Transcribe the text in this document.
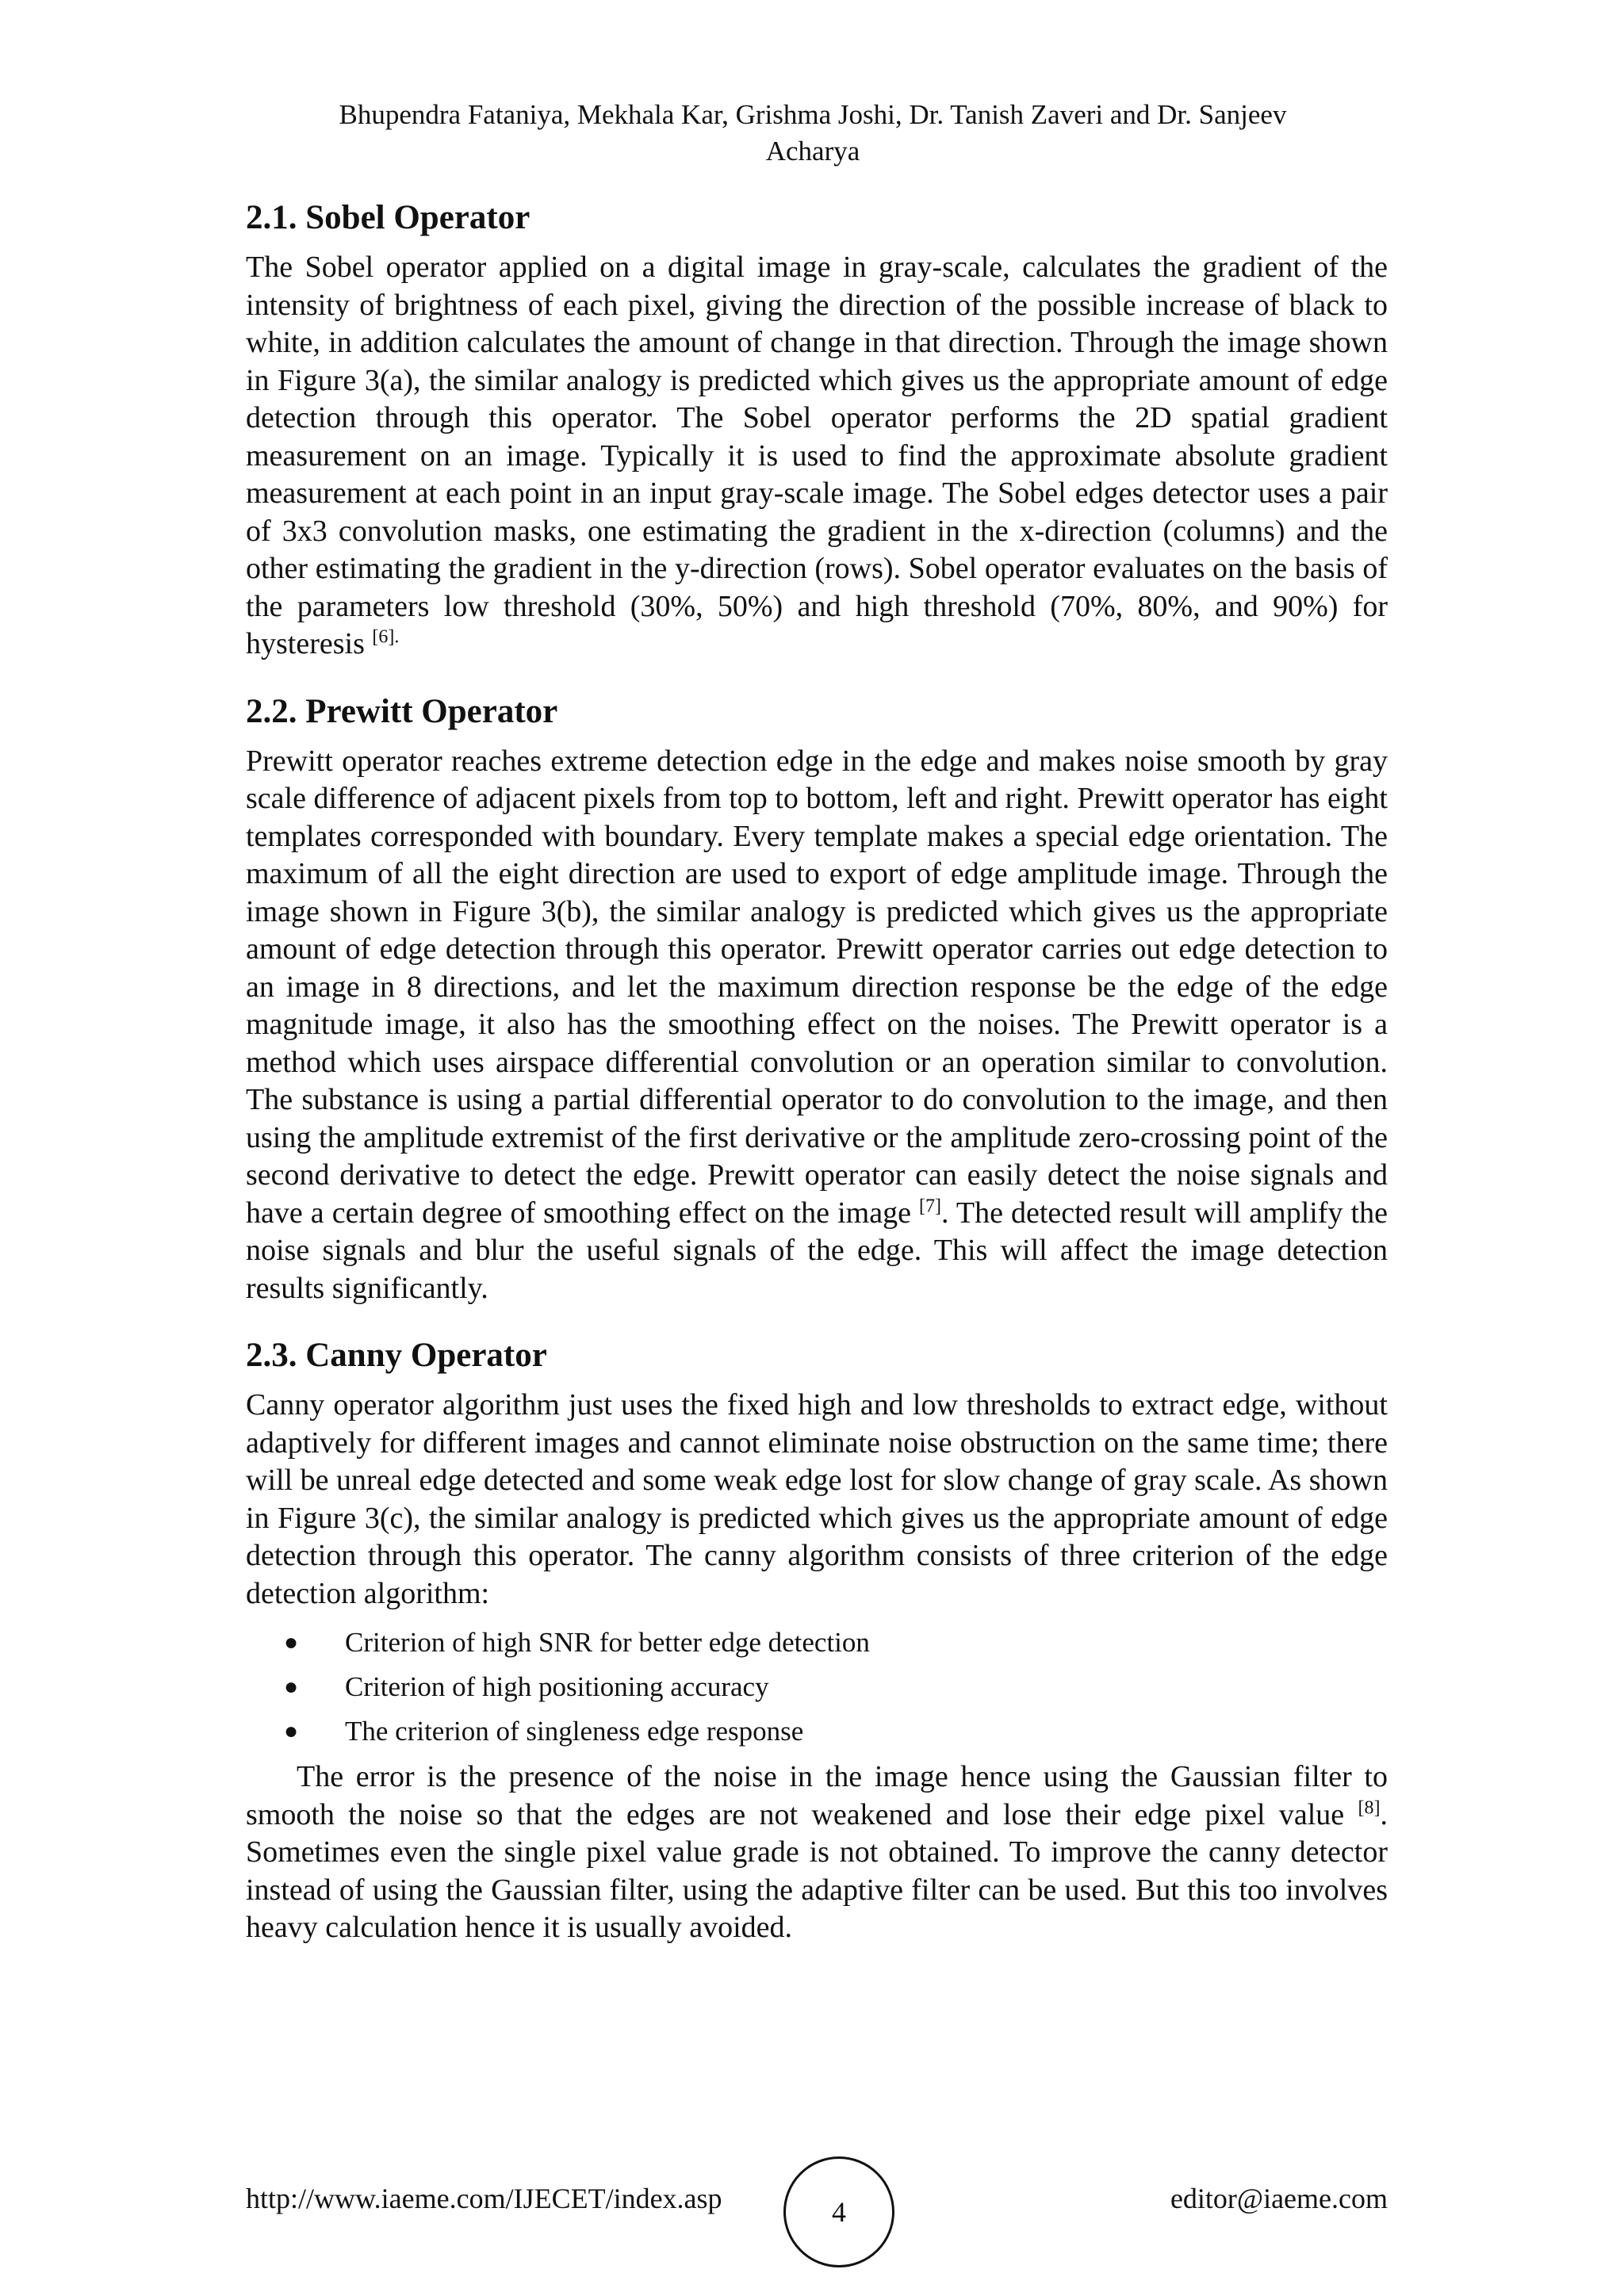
Bhupendra Fataniya, Mekhala Kar, Grishma Joshi, Dr. Tanish Zaveri and Dr. Sanjeev
Acharya
2.1. Sobel Operator

The Sobel operator applied on a digital image in gray-scale, calculates the gradient of the intensity of brightness of each pixel, giving the direction of the possible increase of black to white, in addition calculates the amount of change in that direction. Through the image shown in Figure 3(a), the similar analogy is predicted which gives us the appropriate amount of edge detection through this operator. The Sobel operator performs the 2D spatial gradient measurement on an image. Typically it is used to find the approximate absolute gradient measurement at each point in an input gray-scale image. The Sobel edges detector uses a pair of 3x3 convolution masks, one estimating the gradient in the x-direction (columns) and the other estimating the gradient in the y-direction (rows). Sobel operator evaluates on the basis of the parameters low threshold (30%, 50%) and high threshold (70%, 80%, and 90%) for hysteresis $^{[6].}$

2.2. Prewitt Operator

Prewitt operator reaches extreme detection edge in the edge and makes noise smooth by gray scale difference of adjacent pixels from top to bottom, left and right. Prewitt operator has eight templates corresponded with boundary. Every template makes a special edge orientation. The maximum of all the eight direction are used to export of edge amplitude image. Through the image shown in Figure 3(b), the similar analogy is predicted which gives us the appropriate amount of edge detection through this operator. Prewitt operator carries out edge detection to an image in 8 directions, and let the maximum direction response be the edge of the edge magnitude image, it also has the smoothing effect on the noises. The Prewitt operator is a method which uses airspace differential convolution or an operation similar to convolution. The substance is using a partial differential operator to do convolution to the image, and then using the amplitude extremist of the first derivative or the amplitude zero-crossing point of the second derivative to detect the edge. Prewitt operator can easily detect the noise signals and have a certain degree of smoothing effect on the image [7]. The detected result will amplify the noise signals and blur the useful signals of the edge. This will affect the image detection results significantly.

2.3. Canny Operator

Canny operator algorithm just uses the fixed high and low thresholds to extract edge, without adaptively for different images and cannot eliminate noise obstruction on the same time; there will be unreal edge detected and some weak edge lost for slow change of gray scale. As shown in Figure 3(c), the similar analogy is predicted which gives us the appropriate amount of edge detection through this operator. The canny algorithm consists of three criterion of the edge detection algorithm:

● Criterion of high SNR for better edge detection
● Criterion of high positioning accuracy
● The criterion of singleness edge response

The error is the presence of the noise in the image hence using the Gaussian filter to smooth the noise so that the edges are not weakened and lose their edge pixel value [8]. Sometimes even the single pixel value grade is not obtained. To improve the canny detector instead of using the Gaussian filter, using the adaptive filter can be used. But this too involves heavy calculation hence it is usually avoided.

http://www.iaeme.com/IJECET/index.asp	4	editor@iaeme.com
